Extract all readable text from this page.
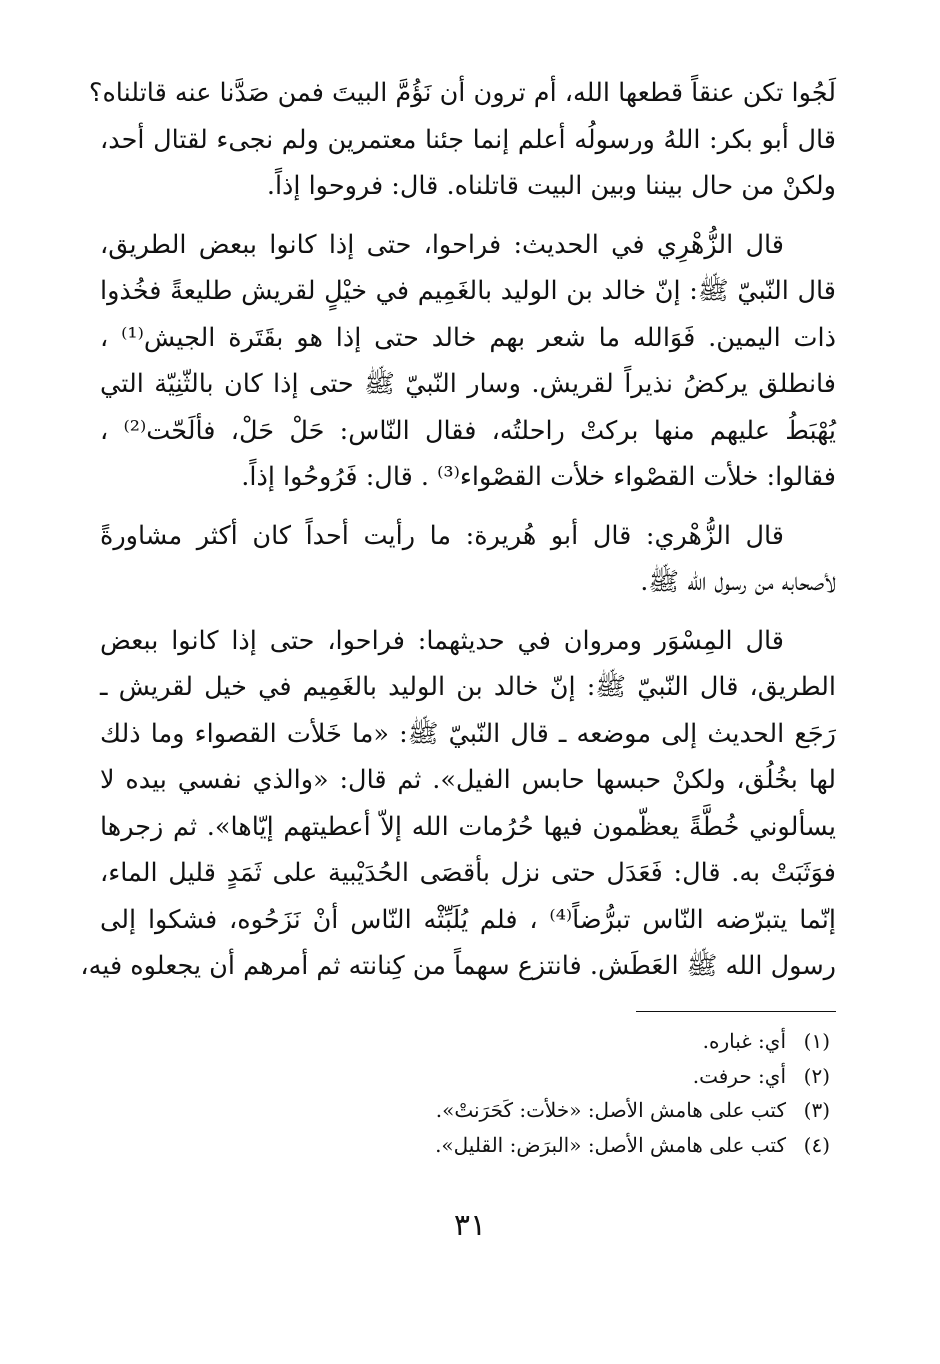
لَجُوا تكن عنقاً قطعها الله، أم ترون أن نَؤُمَّ البيتَ فمن صَدَّنا عنه قاتلناه؟
قال أبو بكر: اللهُ ورسولُه أعلم إنما جئنا معتمرين ولم نجىء لقتال أحد،
ولكنْ من حال بيننا وبين البيت قاتلناه. قال: فروحوا إذاً.
قال الزُّهْرِي في الحديث: فراحوا، حتى إذا كانوا ببعض الطريق،
قال النّبيّ ﷺ: إنّ خالد بن الوليد بالغَمِيم في خيْلٍ لقريش طليعةً فخُذوا
ذات اليمين. فَوَالله ما شعر بهم خالد حتى إذا هو بقَتَرة الجيش⁽¹⁾ ،
فانطلق يركضُ نذيراً لقريش. وسار النّبيّ ﷺ حتى إذا كان بالثّنِيّة التي
يُهْبَطُ عليهم منها بركتْ راحلتُه، فقال النّاس: حَلْ حَلْ، فألَحّت⁽²⁾ ،
فقالوا: خلأت القصْواء خلأت القصْواء⁽³⁾ . قال: فَرُوحُوا إذاً.
قال الزُّهْري: قال أبو هُريرة: ما رأيت أحداً كان أكثر مشاورةً
لأصحابه من رسول الله ﷺ.
قال المِسْوَر ومروان في حديثهما: فراحوا، حتى إذا كانوا ببعض
الطريق، قال النّبيّ ﷺ: إنّ خالد بن الوليد بالغَمِيم في خيل لقريش ـ
رَجَع الحديث إلى موضعه ـ قال النّبيّ ﷺ: «ما خَلأت القصواء وما ذلك
لها بخُلُق، ولكنْ حبسها حابس الفيل». ثم قال: «والذي نفسي بيده لا
يسألوني خُطَّةً يعظّمون فيها حُرُمات الله إلاّ أعطيتهم إيّاها». ثم زجرها
فوَثَبَتْ به. قال: فَعَدَل حتى نزل بأقصَى الحُدَيْبية على ثَمَدٍ قليل الماء،
إنّما يتبرّضه النّاس تبرُّضاً⁽⁴⁾ ، فلم يُلَبِّثْه النّاس أنْ نَزَحُوه، فشكوا إلى
رسول الله ﷺ العَطَش. فانتزع سهماً من كِنانته ثم أمرهم أن يجعلوه فيه،
(١)أي: غباره.
(٢)أي: حرفت.
(٣)كتب على هامش الأصل: «خلأت: كَحَرَنتْ».
(٤)كتب على هامش الأصل: «البرَض: القليل».
٣١
